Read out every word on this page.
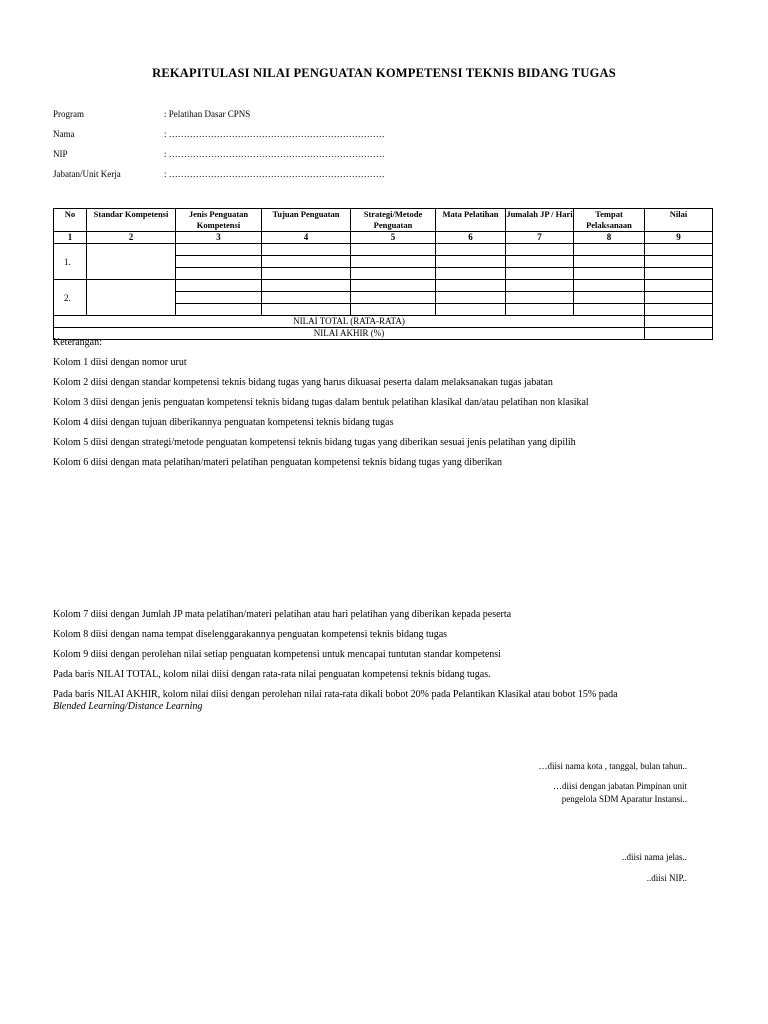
REKAPITULASI NILAI PENGUATAN KOMPETENSI TEKNIS BIDANG TUGAS
Program	: Pelatihan Dasar CPNS
Nama	: ………………………………………………………………
NIP	: ………………………………………………………………
Jabatan/Unit Kerja	: ………………………………………………………………
No	Standar Kompetensi	Jenis Penguatan Kompetensi	Tujuan Penguatan	Strategi/Metode Penguatan	Mata Pelatihan	Jumalah JP / Hari	Tempat Pelaksanaan	Nilai
1	2	3	4	5	6	7	8	9
1.								

2.								

NILAI TOTAL (RATA-RATA)								
NILAI AKHIR (%)								
Keterangan:
Kolom 1 diisi dengan nomor urut
Kolom 2 diisi dengan standar kompetensi teknis bidang tugas yang harus dikuasai peserta dalam melaksanakan tugas jabatan
Kolom 3 diisi dengan jenis penguatan kompetensi teknis bidang tugas dalam bentuk pelatihan klasikal dan/atau pelatihan non klasikal
Kolom 4 diisi dengan tujuan diberikannya penguatan kompetensi teknis bidang tugas
Kolom 5 diisi dengan strategi/metode penguatan kompetensi teknis bidang tugas yang diberikan sesuai jenis pelatihan yang dipilih
Kolom 6 diisi dengan mata pelatihan/materi pelatihan penguatan kompetensi teknis bidang tugas yang diberikan
Kolom 7 diisi dengan Jumlah JP mata pelatihan/materi pelatihan atau hari pelatihan yang diberikan kepada peserta
Kolom 8 diisi dengan nama tempat diselenggarakannya penguatan kompetensi teknis bidang tugas
Kolom 9 diisi dengan perolehan nilai setiap penguatan kompetensi untuk mencapai tuntutan standar kompetensi
Pada baris NILAI TOTAL, kolom nilai diisi dengan rata-rata nilai penguatan kompetensi teknis bidang tugas.
Pada baris NILAI AKHIR, kolom nilai diisi dengan perolehan nilai rata-rata dikali bobot 20% pada Pelantikan Klasikal atau bobot 15% pada
Blended Learning/Distance Learning
…diisi nama kota , tanggal, bulan tahun..
…diisi dengan jabatan Pimpinan unit
pengelola SDM Aparatur Instansi..
..diisi nama jelas..
..diisi NIP..
